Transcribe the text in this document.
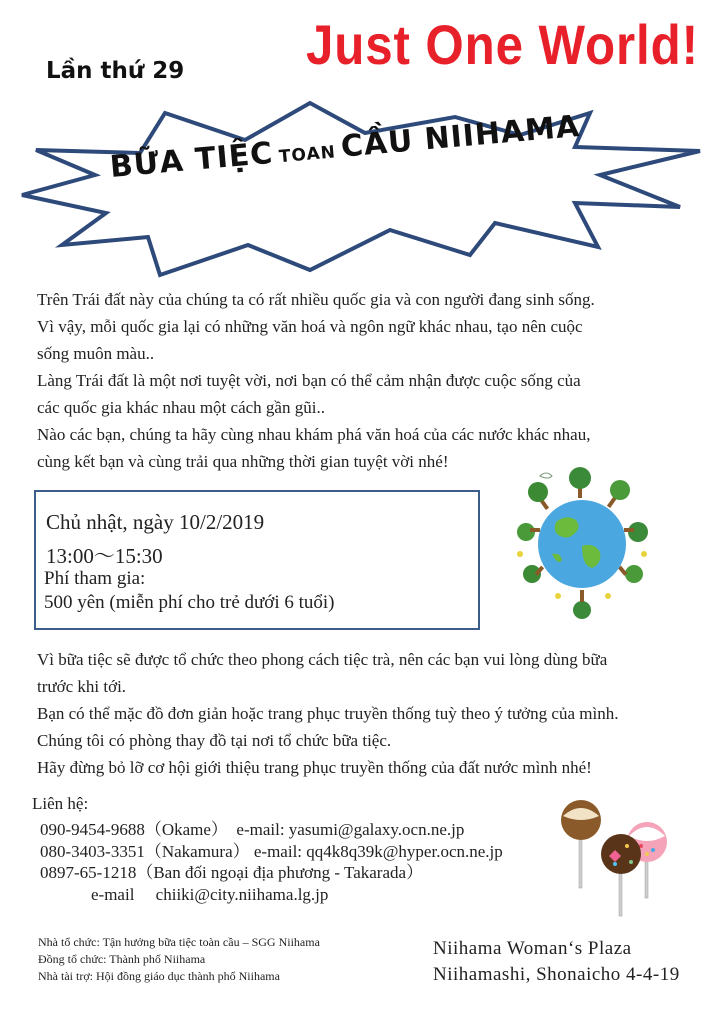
Lần thứ 29 Just One World!
BỮA TIỆC TOAN CẦU NIIHAMA
Trên Trái đất này của chúng ta có rất nhiều quốc gia và con người đang sinh sống.
Vì vậy, mỗi quốc gia lại có những văn hoá và ngôn ngữ khác nhau, tạo nên cuộc
sống muôn màu..
Làng Trái đất là một nơi tuyệt vời, nơi bạn có thể cảm nhận được cuộc sống của
các quốc gia khác nhau một cách gần gũi..
Nào các bạn, chúng ta hãy cùng nhau khám phá văn hoá của các nước khác nhau,
cùng kết bạn và cùng trải qua những thời gian tuyệt vời nhé!
Chủ nhật, ngày 10/2/2019
13:00～15:30
Phí tham gia:
500 yên (miễn phí cho trẻ dưới 6 tuổi)
Vì bữa tiệc sẽ được tổ chức theo phong cách tiệc trà, nên các bạn vui lòng dùng bữa
trước khi tới.
Bạn có thể mặc đồ đơn giản hoặc trang phục truyền thống tuỳ theo ý tưởng của mình.
Chúng tôi có phòng thay đồ tại nơi tổ chức bữa tiệc.
Hãy đừng bỏ lỡ cơ hội giới thiệu trang phục truyền thống của đất nước mình nhé!
Liên hệ:
090-9454-9688（Okame）　e-mail: yasumi@galaxy.ocn.ne.jp
080-3403-3351（Nakamura） e-mail: qq4k8q39k@hyper.ocn.ne.jp
0897-65-1218（Ban đối ngoại địa phương - Takarada）
　　　e-mail　 chiiki@city.niihama.lg.jp
Nhà tổ chức: Tận hưởng bữa tiệc toàn cầu – SGG Niihama
Đồng tổ chức: Thành phố Niihama
Nhà tài trợ: Hội đồng giáo dục thành phố Niihama
Niihama Woman‘s Plaza
Niihamashi, Shonaicho 4-4-19
